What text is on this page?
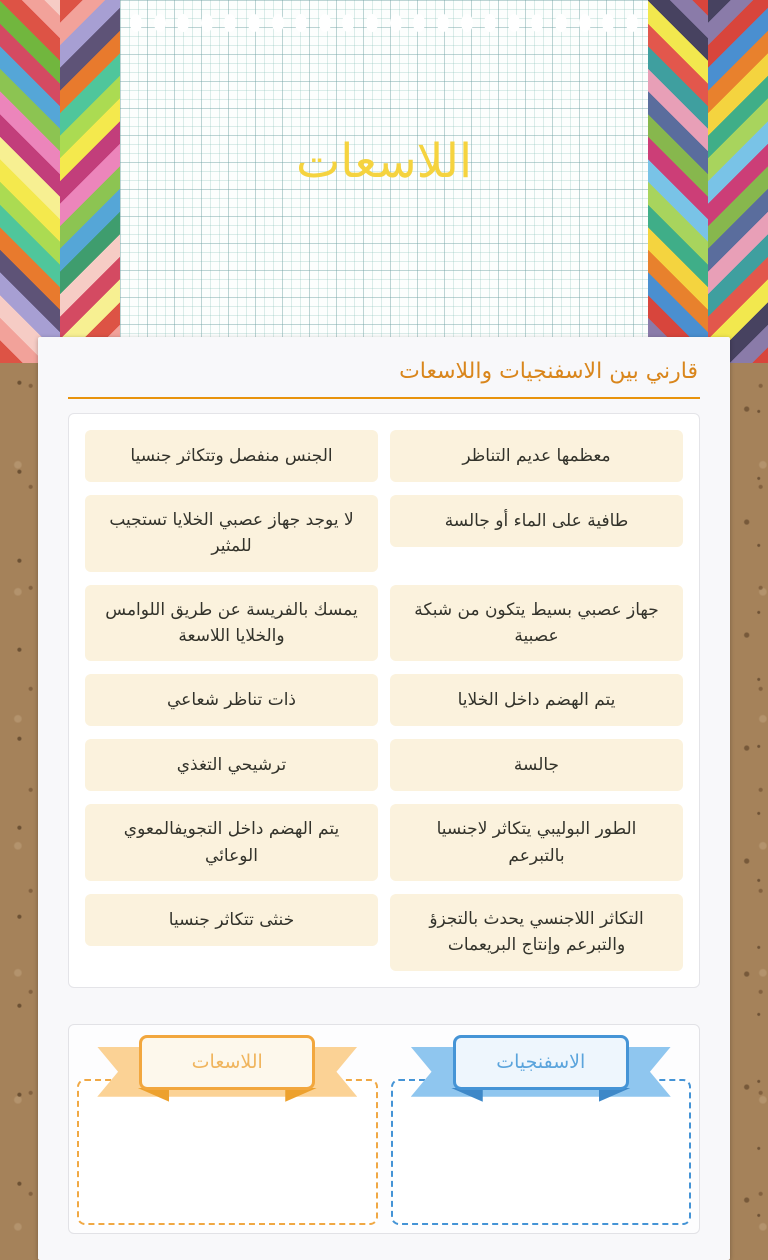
اللاسعات
قارني بين الاسفنجيات واللاسعات
معظمها عديم التناظر
الجنس منفصل وتتكاثر جنسيا
طافية على الماء أو جالسة
لا يوجد جهاز عصبي الخلايا تستجيب للمثير
جهاز عصبي بسيط يتكون من شبكة عصبية
يمسك بالفريسة عن طريق اللوامس والخلايا اللاسعة
يتم الهضم داخل الخلايا
ذات تناظر شعاعي
جالسة
ترشيحي التغذي
الطور البوليبي يتكاثر لاجنسيا بالتبرعم
يتم الهضم داخل التجويفالمعوي الوعائي
التكاثر اللاجنسي يحدث بالتجزؤ والتبرعم وإنتاج البريعمات
خنثى تتكاثر جنسيا
الاسفنجيات
اللاسعات
